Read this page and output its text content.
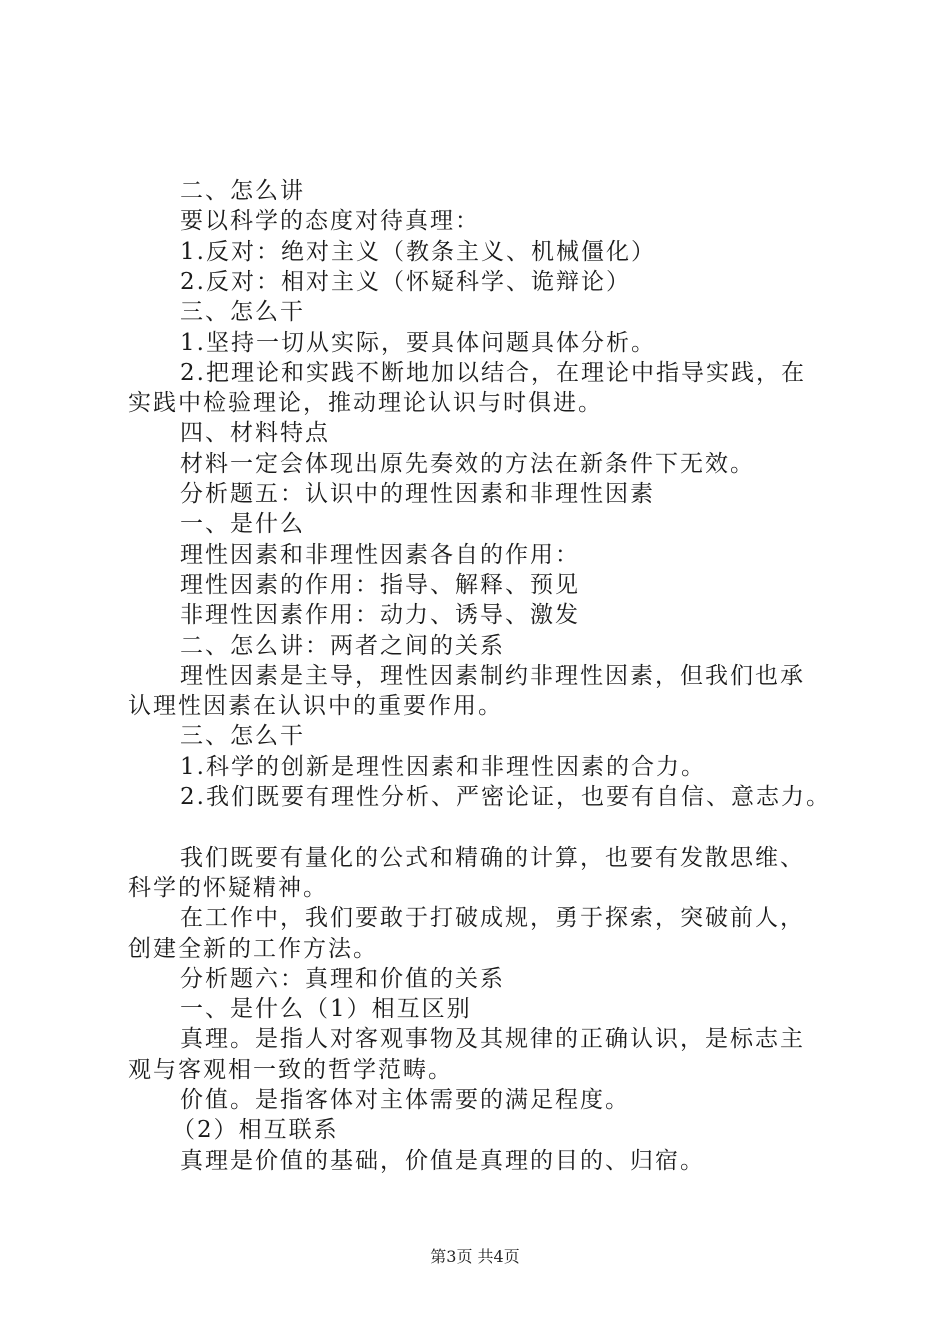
二、怎么讲
要以科学的态度对待真理：
1.反对：绝对主义（教条主义、机械僵化）
2.反对：相对主义（怀疑科学、诡辩论）
三、怎么干
1.坚持一切从实际，要具体问题具体分析。
2.把理论和实践不断地加以结合，在理论中指导实践，在
实践中检验理论，推动理论认识与时俱进。
四、材料特点
材料一定会体现出原先奏效的方法在新条件下无效。
分析题五：认识中的理性因素和非理性因素
一、是什么
理性因素和非理性因素各自的作用：
理性因素的作用：指导、解释、预见
非理性因素作用：动力、诱导、激发
二、怎么讲：两者之间的关系
理性因素是主导，理性因素制约非理性因素，但我们也承
认理性因素在认识中的重要作用。
三、怎么干
1.科学的创新是理性因素和非理性因素的合力。
2.我们既要有理性分析、严密论证，也要有自信、意志力。
我们既要有量化的公式和精确的计算，也要有发散思维、
科学的怀疑精神。
在工作中，我们要敢于打破成规，勇于探索，突破前人，
创建全新的工作方法。
分析题六：真理和价值的关系
一、是什么（1）相互区别
真理。是指人对客观事物及其规律的正确认识，是标志主
观与客观相一致的哲学范畴。
价值。是指客体对主体需要的满足程度。
（2）相互联系
第3页 共4页
真理是价值的基础，价值是真理的目的、归宿。
